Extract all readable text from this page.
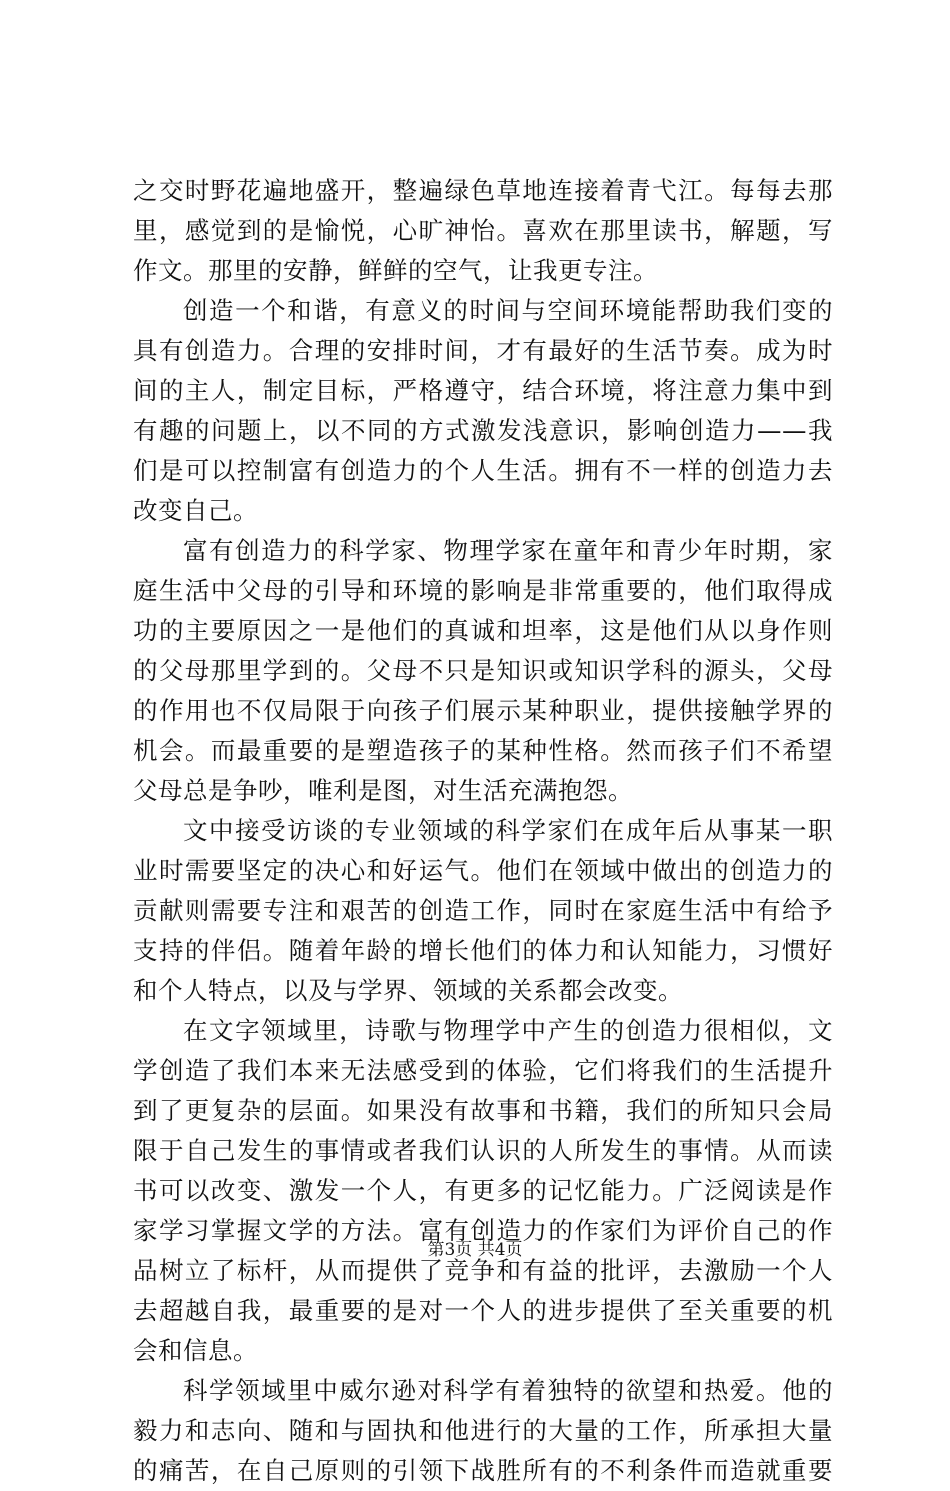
之交时野花遍地盛开，整遍绿色草地连接着青弋江。每每去那
里，感觉到的是愉悦，心旷神怡。喜欢在那里读书，解题，写
作文。那里的安静，鲜鲜的空气，让我更专注。
创造一个和谐，有意义的时间与空间环境能帮助我们变的
具有创造力。合理的安排时间，才有最好的生活节奏。成为时
间的主人，制定目标，严格遵守，结合环境，将注意力集中到
有趣的问题上，以不同的方式激发浅意识，影响创造力——我
们是可以控制富有创造力的个人生活。拥有不一样的创造力去
改变自己。
富有创造力的科学家、物理学家在童年和青少年时期，家
庭生活中父母的引导和环境的影响是非常重要的，他们取得成
功的主要原因之一是他们的真诚和坦率，这是他们从以身作则
的父母那里学到的。父母不只是知识或知识学科的源头，父母
的作用也不仅局限于向孩子们展示某种职业，提供接触学界的
机会。而最重要的是塑造孩子的某种性格。然而孩子们不希望
父母总是争吵，唯利是图，对生活充满抱怨。
文中接受访谈的专业领域的科学家们在成年后从事某一职
业时需要坚定的决心和好运气。他们在领域中做出的创造力的
贡献则需要专注和艰苦的创造工作，同时在家庭生活中有给予
支持的伴侣。随着年龄的增长他们的体力和认知能力，习惯好
和个人特点，以及与学界、领域的关系都会改变。
在文字领域里，诗歌与物理学中产生的创造力很相似，文
学创造了我们本来无法感受到的体验，它们将我们的生活提升
到了更复杂的层面。如果没有故事和书籍，我们的所知只会局
限于自己发生的事情或者我们认识的人所发生的事情。从而读
书可以改变、激发一个人，有更多的记忆能力。广泛阅读是作
家学习掌握文学的方法。富有创造力的作家们为评价自己的作
品树立了标杆，从而提供了竞争和有益的批评，去激励一个人
去超越自我，最重要的是对一个人的进步提供了至关重要的机
会和信息。
科学领域里中威尔逊对科学有着独特的欲望和热爱。他的
毅力和志向、随和与固执和他进行的大量的工作，所承担大量
的痛苦，在自己原则的引领下战胜所有的不利条件而造就重要
第3页 共4页
